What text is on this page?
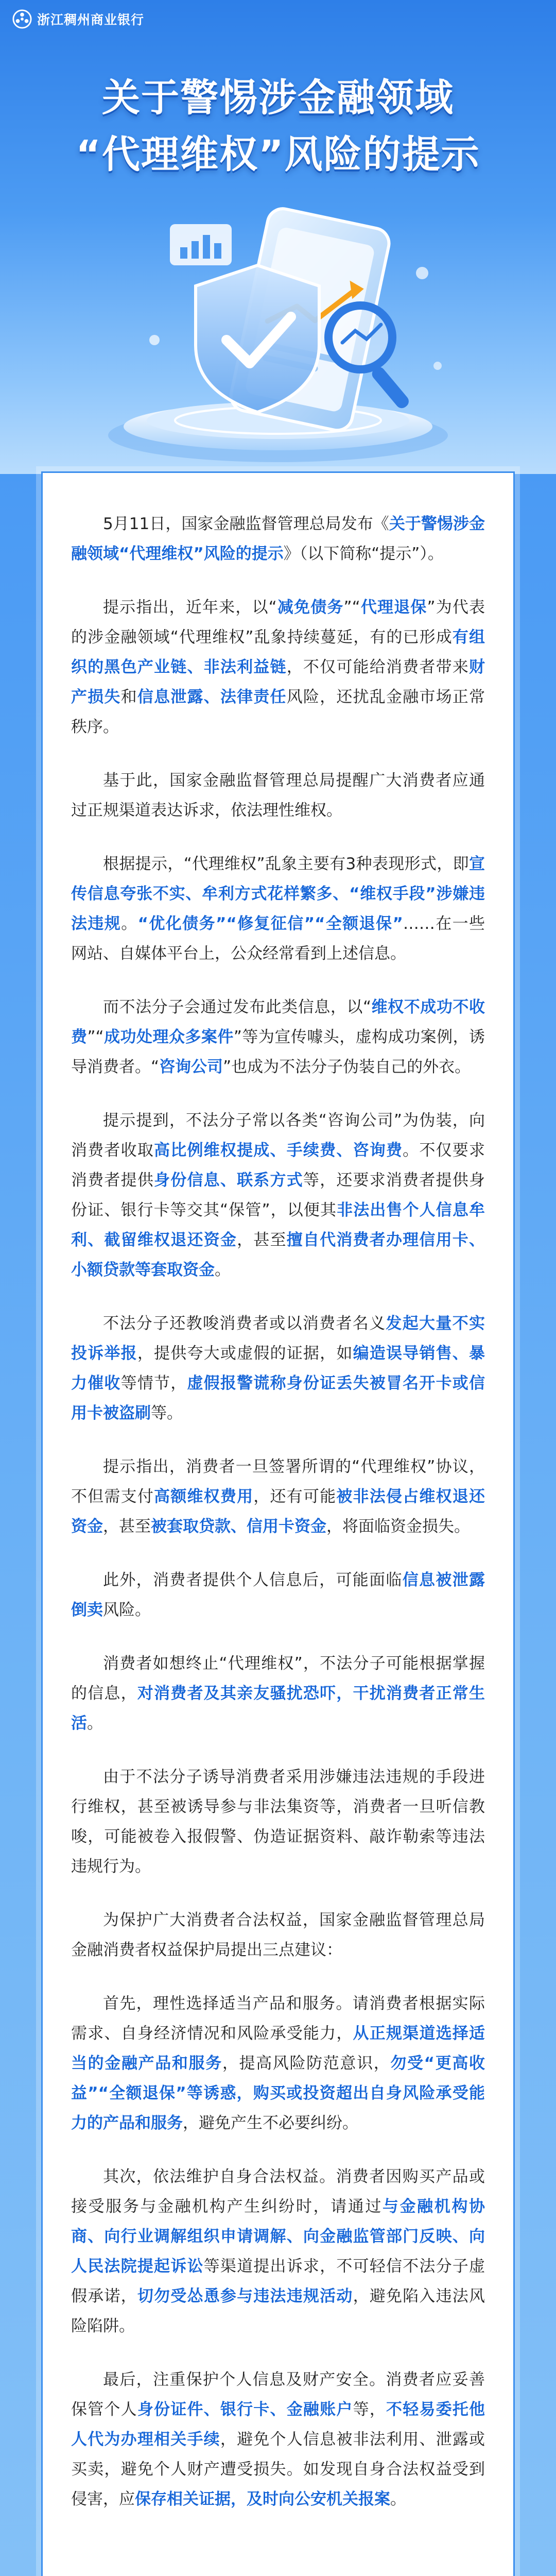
浙江稠州商业银行
关于警惕涉金融领域
“代理维权”风险的提示

5月11日，国家金融监督管理总局发布《关于警惕涉金融领域“代理维权”风险的提示》（以下简称“提示”）。

提示指出，近年来，以“减免债务”“代理退保”为代表的涉金融领域“代理维权”乱象持续蔓延，有的已形成有组织的黑色产业链、非法利益链，不仅可能给消费者带来财产损失和信息泄露、法律责任风险，还扰乱金融市场正常秩序。

基于此，国家金融监督管理总局提醒广大消费者应通过正规渠道表达诉求，依法理性维权。

根据提示，“代理维权”乱象主要有3种表现形式，即宣传信息夸张不实、牟利方式花样繁多、“维权手段”涉嫌违法违规。“优化债务”“修复征信”“全额退保”……在一些网站、自媒体平台上，公众经常看到上述信息。

而不法分子会通过发布此类信息，以“维权不成功不收费”“成功处理众多案件”等为宣传噱头，虚构成功案例，诱导消费者。“咨询公司”也成为不法分子伪装自己的外衣。

提示提到，不法分子常以各类“咨询公司”为伪装，向消费者收取高比例维权提成、手续费、咨询费。不仅要求消费者提供身份信息、联系方式等，还要求消费者提供身份证、银行卡等交其“保管”，以便其非法出售个人信息牟利、截留维权退还资金，甚至擅自代消费者办理信用卡、小额贷款等套取资金。

不法分子还教唆消费者或以消费者名义发起大量不实投诉举报，提供夸大或虚假的证据，如编造误导销售、暴力催收等情节，虚假报警谎称身份证丢失被冒名开卡或信用卡被盗刷等。

提示指出，消费者一旦签署所谓的“代理维权”协议，不但需支付高额维权费用，还有可能被非法侵占维权退还资金，甚至被套取贷款、信用卡资金，将面临资金损失。

此外，消费者提供个人信息后，可能面临信息被泄露倒卖风险。

消费者如想终止“代理维权”，不法分子可能根据掌握的信息，对消费者及其亲友骚扰恐吓，干扰消费者正常生活。

由于不法分子诱导消费者采用涉嫌违法违规的手段进行维权，甚至被诱导参与非法集资等，消费者一旦听信教唆，可能被卷入报假警、伪造证据资料、敲诈勒索等违法违规行为。

为保护广大消费者合法权益，国家金融监督管理总局金融消费者权益保护局提出三点建议：

首先，理性选择适当产品和服务。请消费者根据实际需求、自身经济情况和风险承受能力，从正规渠道选择适当的金融产品和服务，提高风险防范意识，勿受“更高收益”“全额退保”等诱惑，购买或投资超出自身风险承受能力的产品和服务，避免产生不必要纠纷。

其次，依法维护自身合法权益。消费者因购买产品或接受服务与金融机构产生纠纷时，请通过与金融机构协商、向行业调解组织申请调解、向金融监管部门反映、向人民法院提起诉讼等渠道提出诉求，不可轻信不法分子虚假承诺，切勿受怂恿参与违法违规活动，避免陷入违法风险陷阱。

最后，注重保护个人信息及财产安全。消费者应妥善保管个人身份证件、银行卡、金融账户等，不轻易委托他人代为办理相关手续，避免个人信息被非法利用、泄露或买卖，避免个人财产遭受损失。如发现自身合法权益受到侵害，应保存相关证据，及时向公安机关报案。
